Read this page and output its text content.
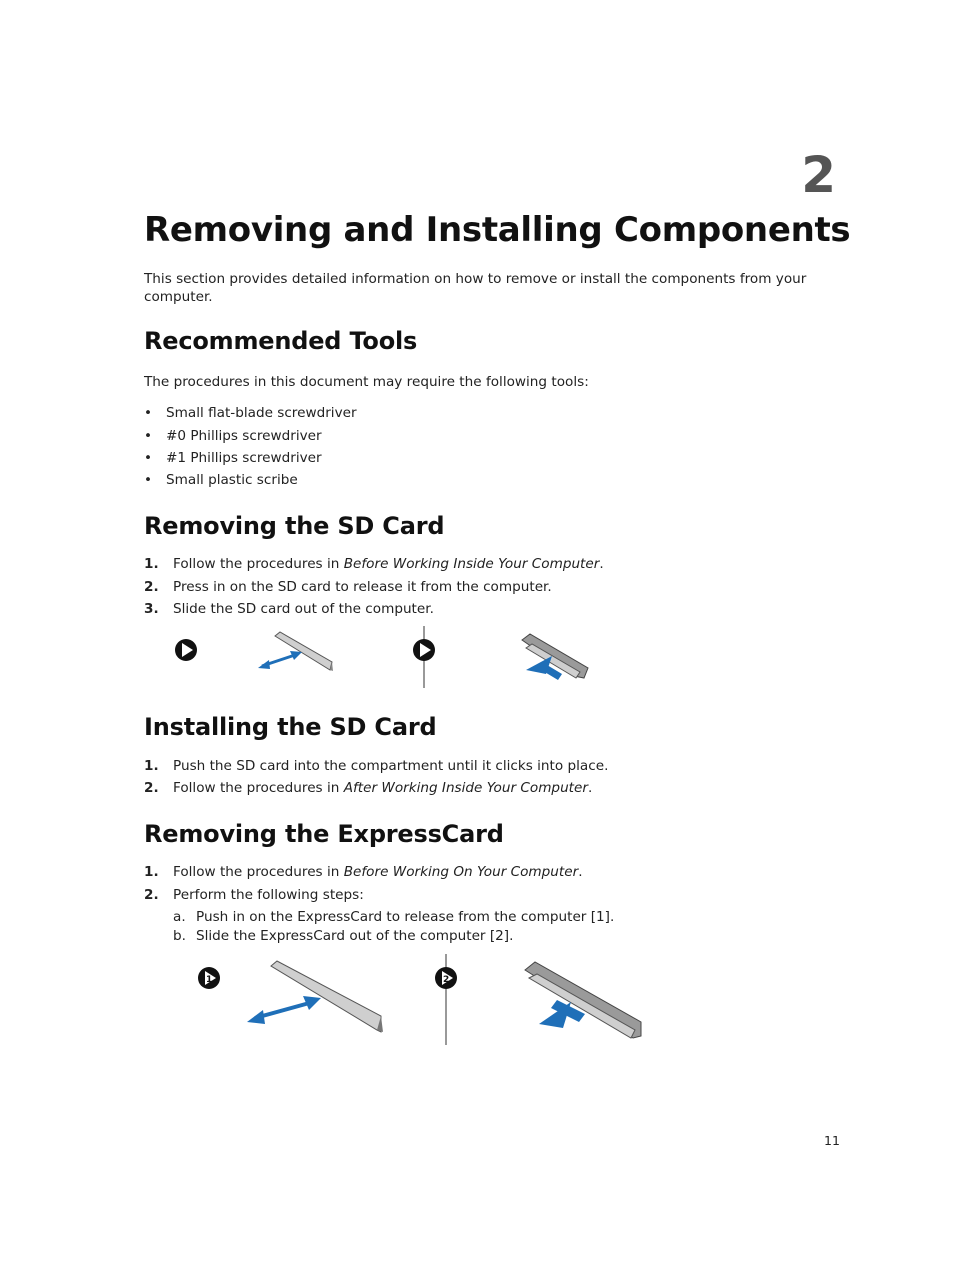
2
Removing and Installing Components
This section provides detailed information on how to remove or install the components from your computer.
Recommended Tools
The procedures in this document may require the following tools:
• Small flat-blade screwdriver
• #0 Phillips screwdriver
• #1 Phillips screwdriver
• Small plastic scribe
Removing the SD Card
1. Follow the procedures in Before Working Inside Your Computer.
2. Press in on the SD card to release it from the computer.
3. Slide the SD card out of the computer.
Installing the SD Card
1. Push the SD card into the compartment until it clicks into place.
2. Follow the procedures in After Working Inside Your Computer.
Removing the ExpressCard
1. Follow the procedures in Before Working On Your Computer.
2. Perform the following steps:
a. Push in on the ExpressCard to release from the computer [1].
b. Slide the ExpressCard out of the computer [2].
1	2
11
